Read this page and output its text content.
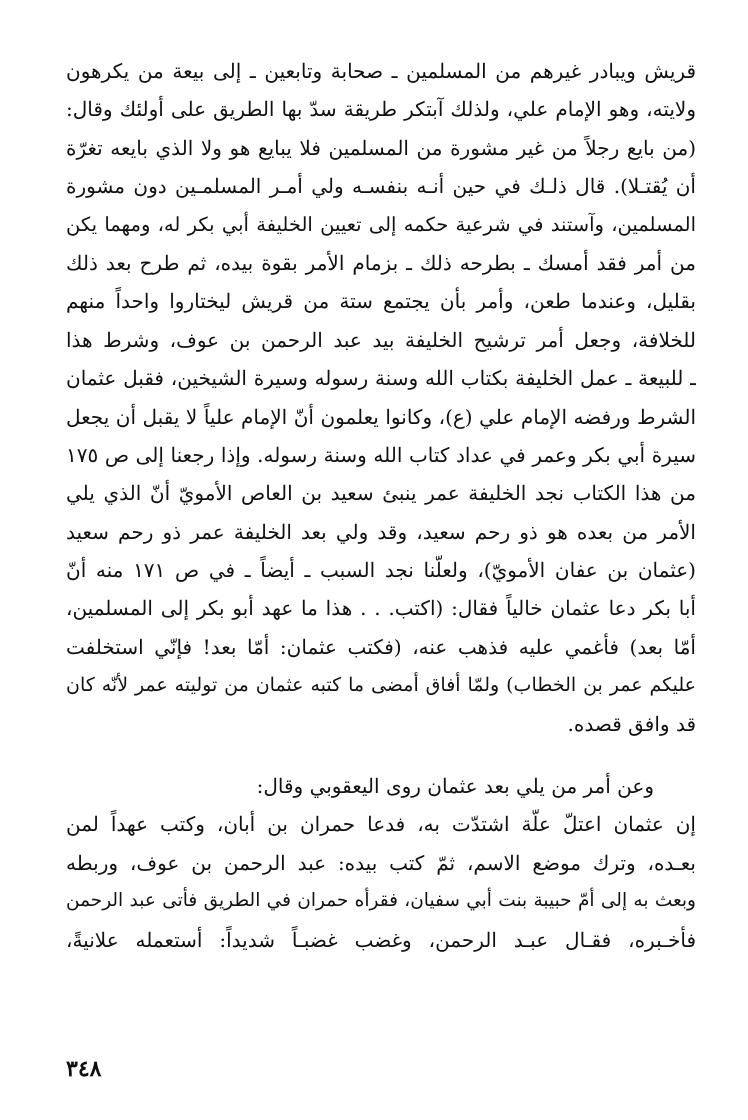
قريش ويبادر غيرهم من المسلمين ـ صحابة وتابعين ـ إلى بيعة من يكرهون
ولايته، وهو الإمام علي، ولذلك آبتكر طريقة سدّ بها الطريق على أولئك وقال:
(من بايع رجلاً من غير مشورة من المسلمين فلا يبايع هو ولا الذي بايعه تغرّة
أن يُقتـلا). قال ذلـك في حين أنـه بنفسـه ولي أمـر المسلمـين دون مشورة
المسلمين، وآستند في شرعية حكمه إلى تعيين الخليفة أبي بكر له، ومهما يكن
من أمر فقد أمسك ـ بطرحه ذلك ـ بزمام الأمر بقوة بيده، ثم طرح بعد ذلك
بقليل، وعندما طعن، وأمر بأن يجتمع ستة من قريش ليختاروا واحداً منهم
للخلافة، وجعل أمر ترشيح الخليفة بيد عبد الرحمن بن عوف، وشرط هذا
ـ للبيعة ـ عمل الخليفة بكتاب الله وسنة رسوله وسيرة الشيخين، فقبل عثمان
الشرط ورفضه الإمام علي (ع)، وكانوا يعلمون أنّ الإمام علياً لا يقبل أن يجعل
سيرة أبي بكر وعمر في عداد كتاب الله وسنة رسوله. وإذا رجعنا إلى ص ١٧٥
من هذا الكتاب نجد الخليفة عمر ينبئ سعيد بن العاص الأمويّ أنّ الذي يلي
الأمر من بعده هو ذو رحم سعيد، وقد ولي بعد الخليفة عمر ذو رحم سعيد
(عثمان بن عفان الأمويّ)، ولعلّنا نجد السبب ـ أيضاً ـ في ص ١٧١ منه أنّ
أبا بكر دعا عثمان خالياً فقال: (اكتب. . . هذا ما عهد أبو بكر إلى المسلمين،
أمّا بعد) فأغمي عليه فذهب عنه، (فكتب عثمان: أمّا بعد! فإنّي استخلفت
عليكم عمر بن الخطاب) ولمّا أفاق أمضى ما كتبه عثمان من توليته عمر لأنّه كان
قد وافق قصده.
وعن أمر من يلي بعد عثمان روى اليعقوبي وقال:
إن عثمان اعتلّ علّة اشتدّت به، فدعا حمران بن أبان، وكتب عهداً لمن
بعـده، وترك موضع الاسم، ثمّ كتب بيده: عبد الرحمن بن عوف، وربطه
وبعث به إلى أمّ حبيبة بنت أبي سفيان، فقرأه حمران في الطريق فأتى عبد الرحمن
فأخـبره، فقـال عبـد الرحمن، وغضب غضبـاً شديداً: أستعمله علانيةً،
٣٤٨
